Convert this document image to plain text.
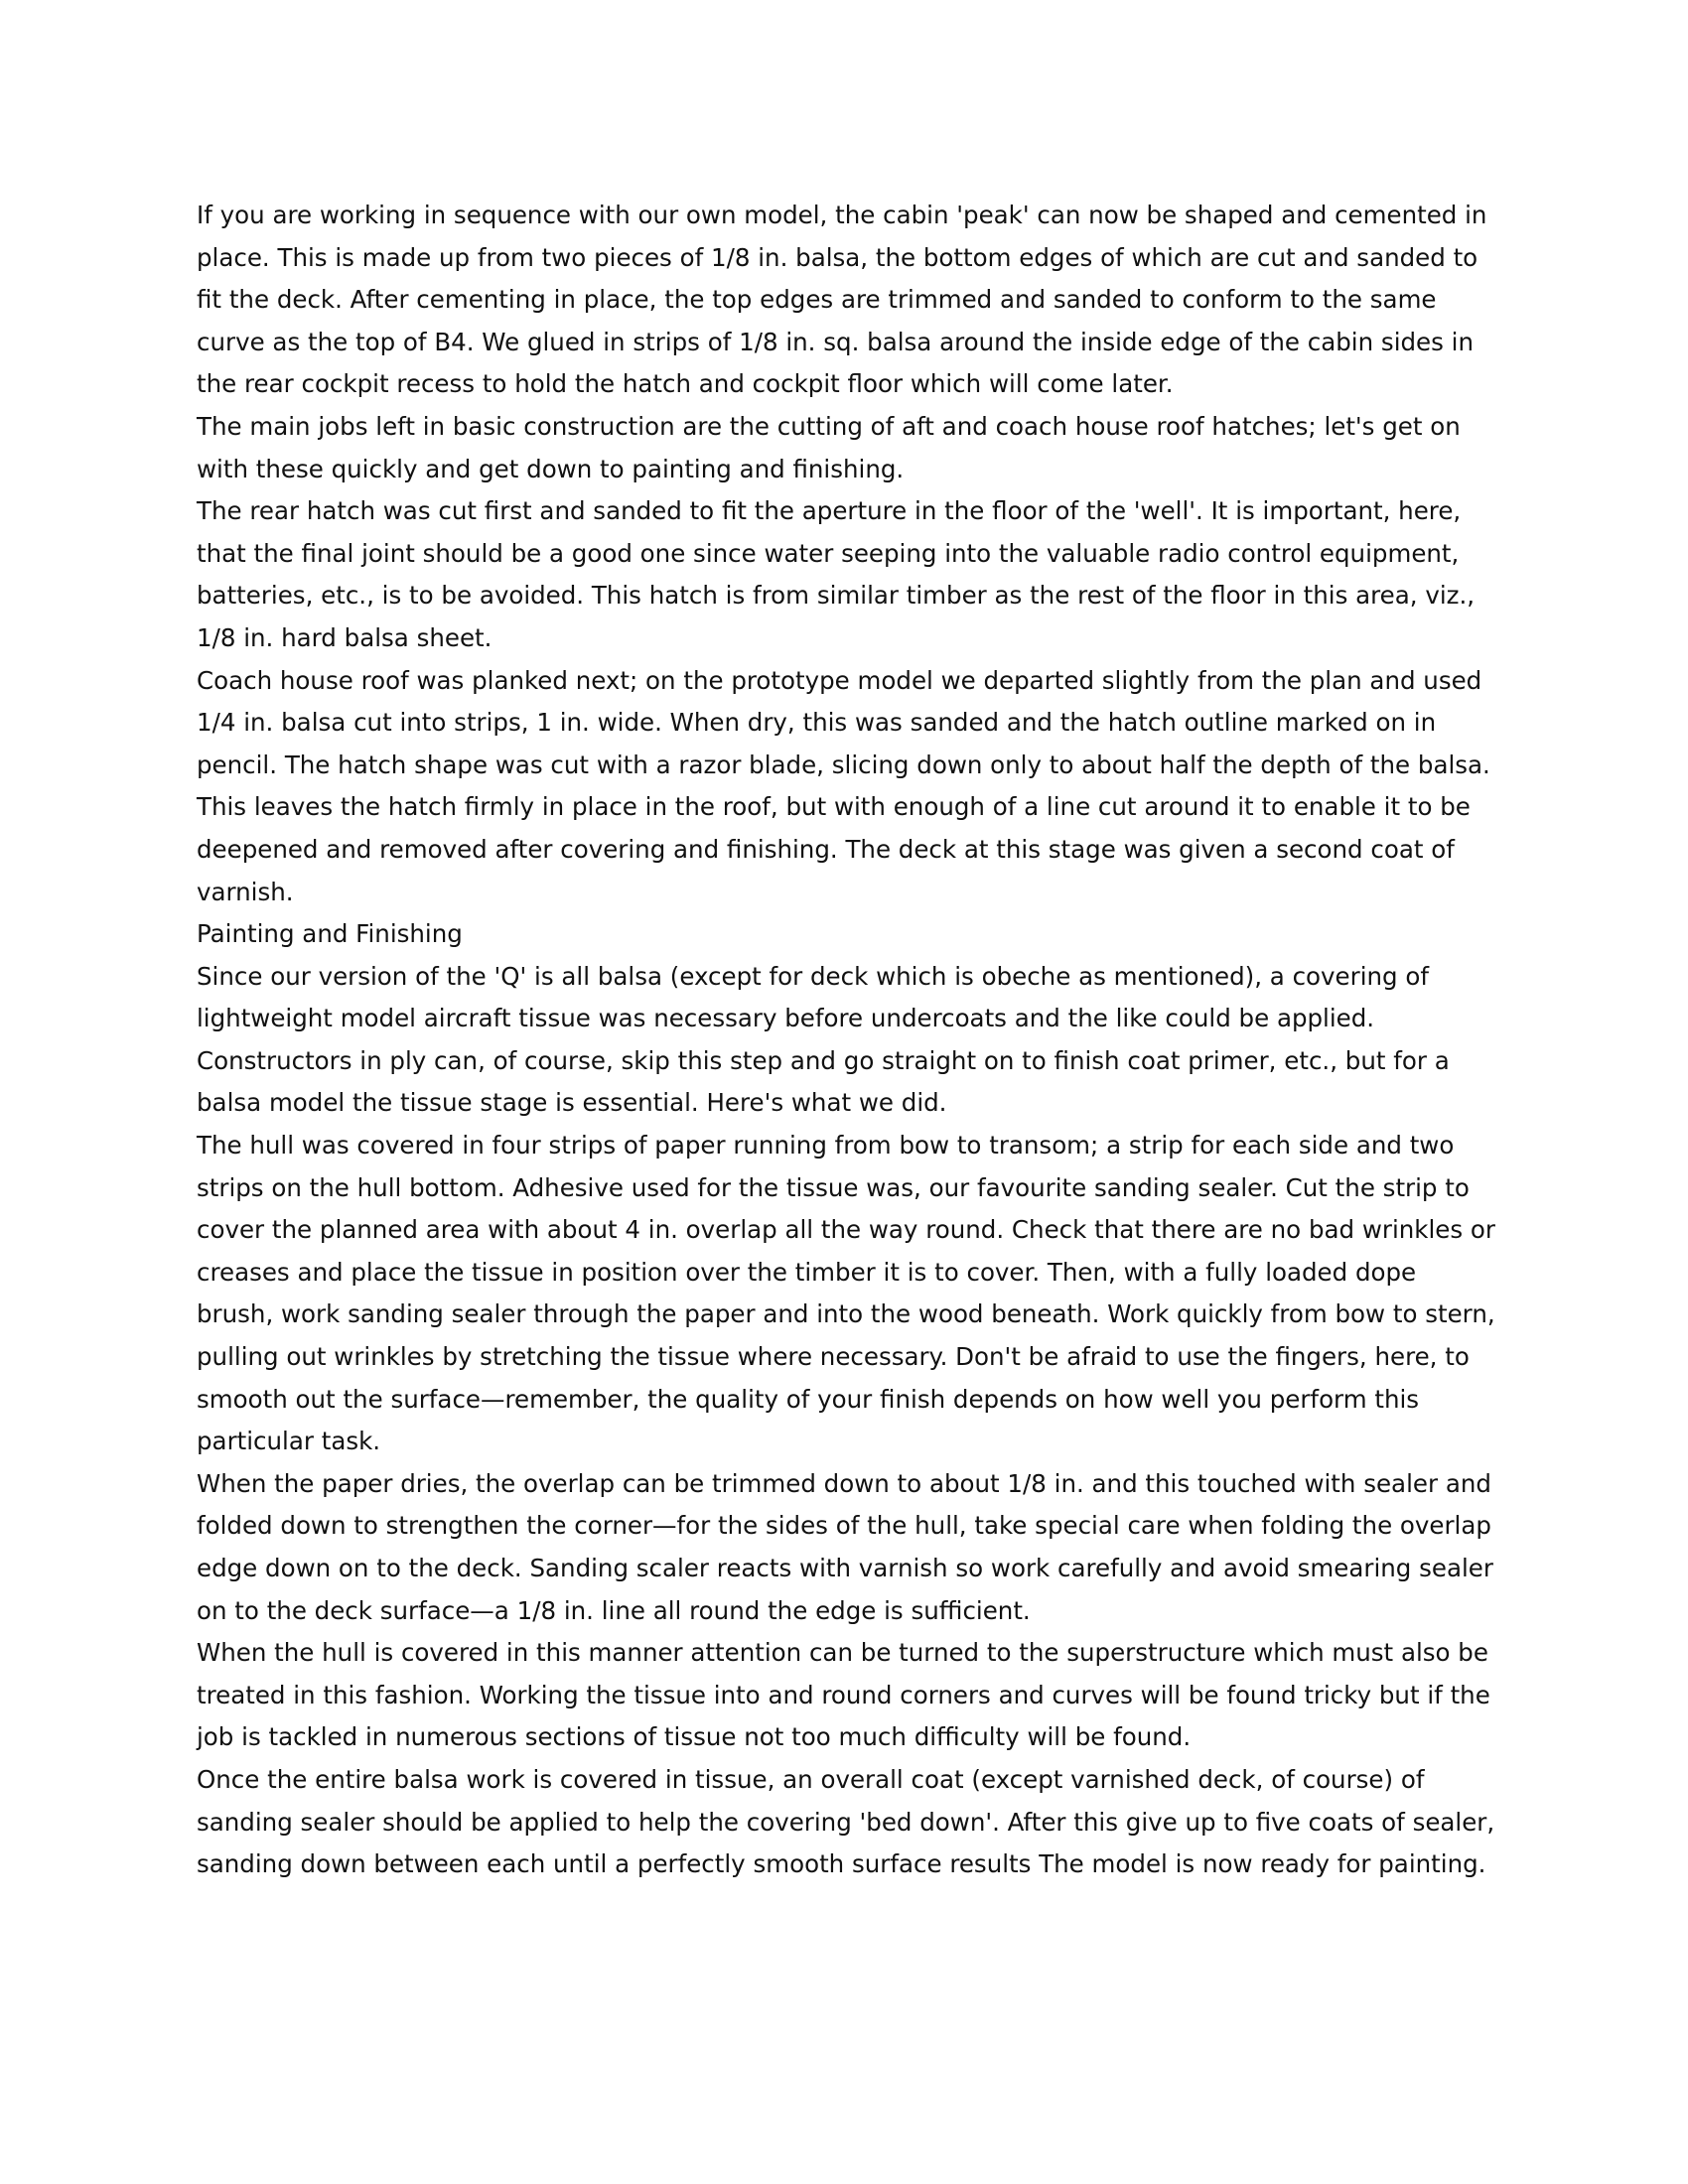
If you are working in sequence with our own model, the cabin 'peak' can now be shaped and cemented in place. This is made up from two pieces of 1/8 in. balsa, the bottom edges of which are cut and sanded to fit the deck. After cementing in place, the top edges are trimmed and sanded to conform to the same curve as the top of B4. We glued in strips of 1/8 in. sq. balsa around the inside edge of the cabin sides in the rear cockpit recess to hold the hatch and cockpit floor which will come later.

The main jobs left in basic construction are the cutting of aft and coach house roof hatches; let's get on with these quickly and get down to painting and finishing.

The rear hatch was cut first and sanded to fit the aperture in the floor of the 'well'. It is important, here, that the final joint should be a good one since water seeping into the valuable radio control equipment, batteries, etc., is to be avoided. This hatch is from similar timber as the rest of the floor in this area, viz., 1/8 in. hard balsa sheet.

Coach house roof was planked next; on the prototype model we departed slightly from the plan and used 1/4 in. balsa cut into strips, 1 in. wide. When dry, this was sanded and the hatch outline marked on in pencil. The hatch shape was cut with a razor blade, slicing down only to about half the depth of the balsa. This leaves the hatch firmly in place in the roof, but with enough of a line cut around it to enable it to be deepened and removed after covering and finishing. The deck at this stage was given a second coat of varnish.

Painting and Finishing

Since our version of the 'Q' is all balsa (except for deck which is obeche as mentioned), a covering of lightweight model aircraft tissue was necessary before undercoats and the like could be applied. Constructors in ply can, of course, skip this step and go straight on to finish coat primer, etc., but for a balsa model the tissue stage is essential. Here's what we did.

The hull was covered in four strips of paper running from bow to transom; a strip for each side and two strips on the hull bottom. Adhesive used for the tissue was, our favourite sanding sealer. Cut the strip to cover the planned area with about 4 in. overlap all the way round. Check that there are no bad wrinkles or creases and place the tissue in position over the timber it is to cover. Then, with a fully loaded dope brush, work sanding sealer through the paper and into the wood beneath. Work quickly from bow to stern, pulling out wrinkles by stretching the tissue where necessary. Don't be afraid to use the fingers, here, to smooth out the surface—remember, the quality of your finish depends on how well you perform this particular task.

When the paper dries, the overlap can be trimmed down to about 1/8 in. and this touched with sealer and folded down to strengthen the corner—for the sides of the hull, take special care when folding the overlap edge down on to the deck. Sanding scaler reacts with varnish so work carefully and avoid smearing sealer on to the deck surface—a 1/8 in. line all round the edge is sufficient.

When the hull is covered in this manner attention can be turned to the superstructure which must also be treated in this fashion. Working the tissue into and round corners and curves will be found tricky but if the job is tackled in numerous sections of tissue not too much difficulty will be found.

Once the entire balsa work is covered in tissue, an overall coat (except varnished deck, of course) of sanding sealer should be applied to help the covering 'bed down'. After this give up to five coats of sealer, sanding down between each until a perfectly smooth surface results The model is now ready for painting.
